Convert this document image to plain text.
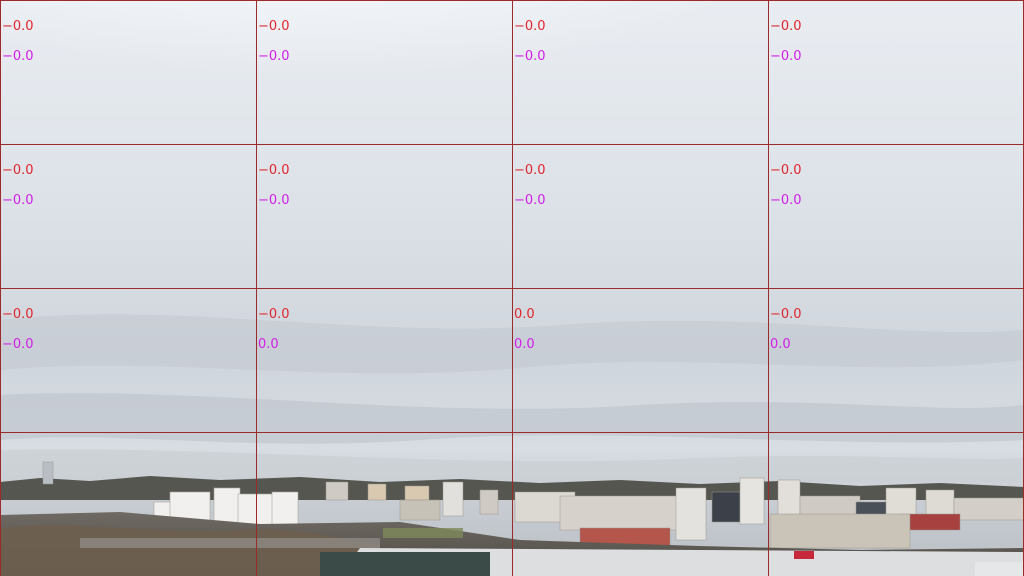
−0.0
−0.0
−0.0
−0.0
−0.0
−0.0
−0.0
−0.0
−0.0
−0.0
−0.0
−0.0
−0.0
−0.0
−0.0
−0.0
−0.0
−0.0
−0.0
0.0
0.0
0.0
−0.0
0.0
